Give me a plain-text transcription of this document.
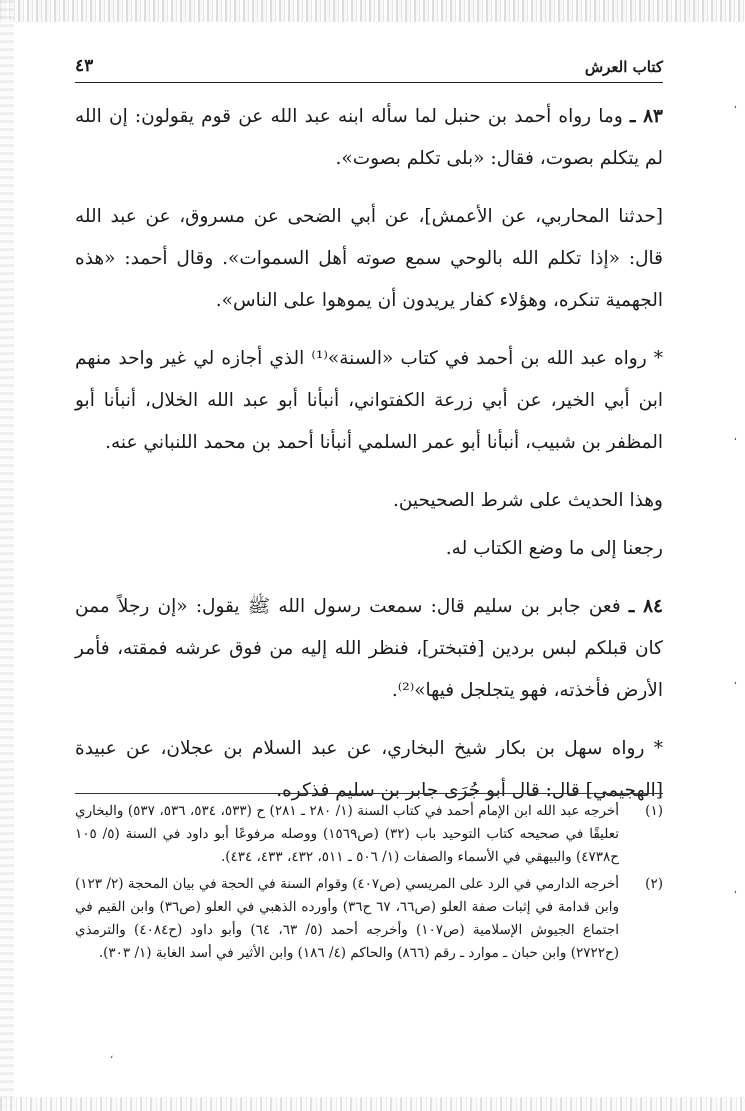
،
،
،
،
،
كتاب العرش
٤٣

٨٣ ـ وما رواه أحمد بن حنبل لما سأله ابنه عبد الله عن قوم يقولون: إن الله لم يتكلم بصوت، فقال: «بلى تكلم بصوت».

[حدثنا المحاربي، عن الأعمش]، عن أبي الضحى عن مسروق، عن عبد الله قال: «إذا تكلم الله بالوحي سمع صوته أهل السموات». وقال أحمد: «هذه الجهمية تنكره، وهؤلاء كفار يريدون أن يموهوا على الناس».

* رواه عبد الله بن أحمد في كتاب «السنة»⁽¹⁾ الذي أجازه لي غير واحد منهم ابن أبي الخير، عن أبي زرعة الكفتواني، أنبأنا أبو عبد الله الخلال، أنبأنا أبو المظفر بن شبيب، أنبأنا أبو عمر السلمي أنبأنا أحمد بن محمد اللنباني عنه.

وهذا الحديث على شرط الصحيحين.

رجعنا إلى ما وضع الكتاب له.

٨٤ ـ فعن جابر بن سليم قال: سمعت رسول الله ﷺ يقول: «إن رجلاً ممن كان قبلكم لبس بردين [فتبختر]، فنظر الله إليه من فوق عرشه فمقته، فأمر الأرض فأخذته، فهو يتجلجل فيها»⁽²⁾.

* رواه سهل بن بكار شيخ البخاري، عن عبد السلام بن عجلان، عن عبيدة [الهجيمي] قال: قال أبو جُرَى جابر بن سليم فذكره.

(١)
أخرجه عبد الله ابن الإمام أحمد في كتاب السنة (١/ ٢٨٠ ـ ٢٨١) ح (٥٣٣، ٥٣٤، ٥٣٦، ٥٣٧) والبخاري تعليقًا في صحيحه كتاب التوحيد باب (٣٢) (ص١٥٦٩) ووصله مرفوعًا أبو داود في السنة (٥/ ١٠٥ ح٤٧٣٨) والبيهقي في الأسماء والصفات (١/ ٥٠٦ ـ ٥١١، ٤٣٢، ٤٣٣، ٤٣٤).
(٢)
أخرجه الدارمي في الرد على المريسي (ص٤٠٧) وقوام السنة في الحجة في بيان المحجة (٢/ ١٢٣) وابن قدامة في إثبات صفة العلو (ص٦٦، ٦٧ ح٣٦) وأورده الذهبي في العلو (ص٣٦) وابن القيم في اجتماع الجيوش الإسلامية (ص١٠٧) وأخرجه أحمد (٥/ ٦٣، ٦٤) وأبو داود (ح٤٠٨٤) والترمذي (ح٢٧٢٢) وابن حبان ـ موارد ـ رقم (٨٦٦) والحاكم (٤/ ١٨٦) وابن الأثير في أسد الغابة (١/ ٣٠٣).
